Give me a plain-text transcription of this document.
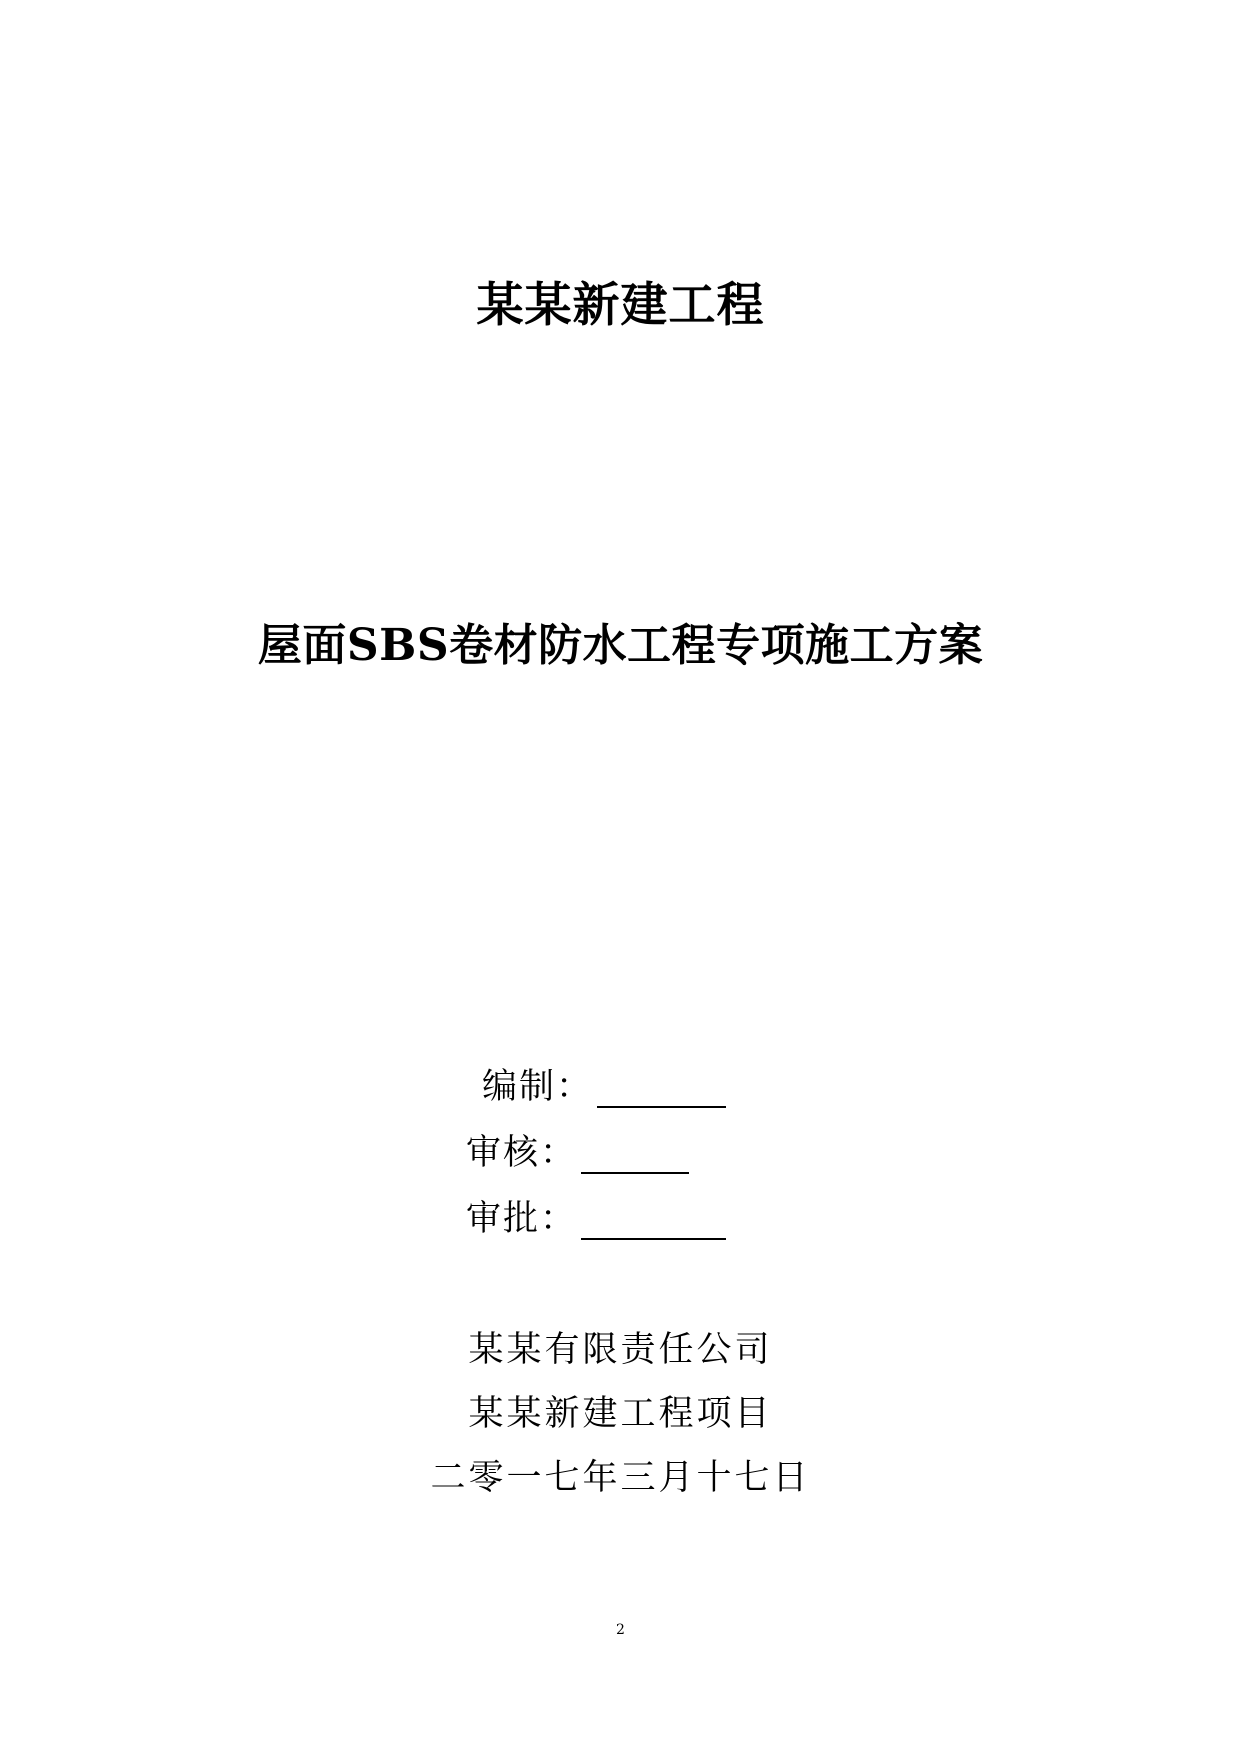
某某新建工程
屋面SBS卷材防水工程专项施工方案
编制：
审核：
审批：
某某有限责任公司
某某新建工程项目
二零一七年三月十七日
2
